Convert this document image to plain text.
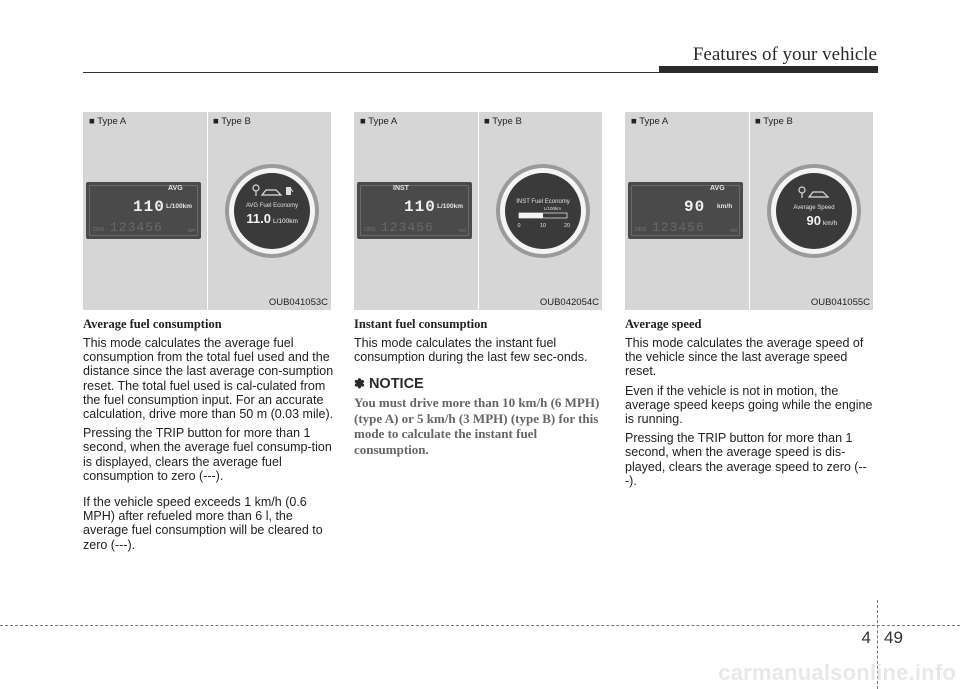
Features of your vehicle
■ Type A	■ Type B
AVG
110 L/100km
ODO 123456	km
AVG Fuel Economy
11.0 L/100km
OUB041053C
■ Type A	■ Type B
INST
110 L/100km
ODO 123456	km
INST Fuel Economy
L/100km
0	10	20
OUB042054C
■ Type A	■ Type B
AVG
90 km/h
ODO 123456	km
Average Speed
90 km/h
OUB041055C
Average fuel consumption

This mode calculates the average fuel consumption from the total fuel used and the distance since the last average con-sumption reset. The total fuel used is cal-culated from the fuel consumption input. For an accurate calculation, drive more than 50 m (0.03 mile).

Pressing the TRIP button for more than 1 second, when the average fuel consump-tion is displayed, clears the average fuel consumption to zero (---).

If the vehicle speed exceeds 1 km/h (0.6 MPH) after refueled more than 6 l, the average fuel consumption will be cleared to zero (---).

Instant fuel consumption

This mode calculates the instant fuel consumption during the last few sec-onds.

✽ NOTICE

You must drive more than 10 km/h (6 MPH) (type A) or 5 km/h (3 MPH) (type B) for this mode to calculate the instant fuel consumption.

Average speed

This mode calculates the average speed of the vehicle since the last average speed reset.

Even if the vehicle is not in motion, the average speed keeps going while the engine is running.

Pressing the TRIP button for more than 1 second, when the average speed is dis-played, clears the average speed to zero (---).

4 49
carmanualsonline.info
